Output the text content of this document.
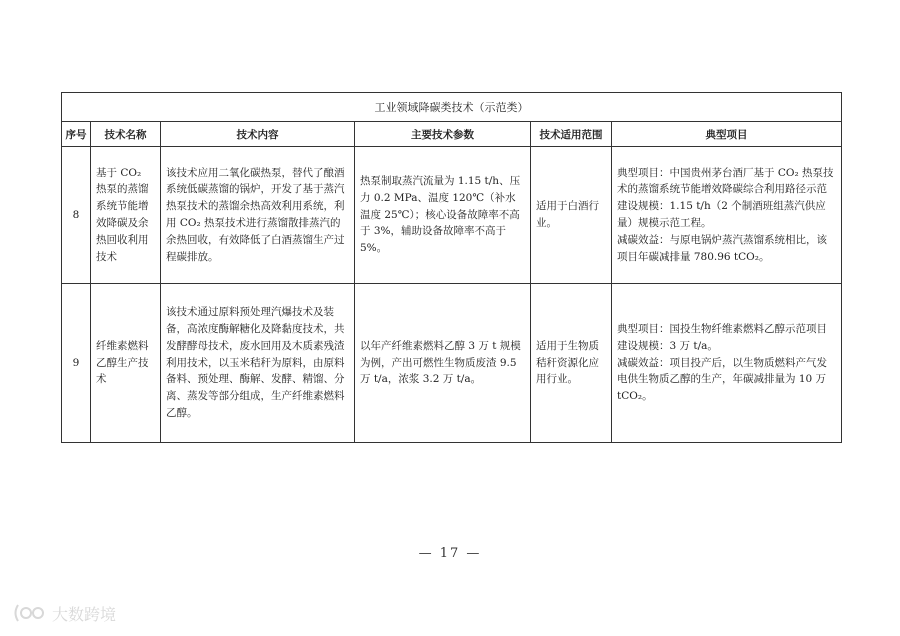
工业领域降碳类技术（示范类）					
序号	技术名称	技术内容	主要技术参数	技术适用范围	典型项目
8	基于 CO₂ 热泵的蒸馏系统节能增效降碳及余热回收利用技术	该技术应用二氧化碳热泵，替代了酿酒系统低碳蒸馏的锅炉，开发了基于蒸汽热泵技术的蒸馏余热高效利用系统，利用 CO₂ 热泵技术进行蒸馏散排蒸汽的余热回收，有效降低了白酒蒸馏生产过程碳排放。	热泵制取蒸汽流量为 1.15 t/h、压力 0.2 MPa、温度 120℃（补水温度 25℃）；核心设备故障率不高于 3%，辅助设备故障率不高于 5%。	适用于白酒行业。	典型项目：中国贵州茅台酒厂基于 CO₂ 热泵技术的蒸馏系统节能增效降碳综合利用路径示范
建设规模：1.15 t/h（2 个制酒班组蒸汽供应量）规模示范工程。
减碳效益：与原电锅炉蒸汽蒸馏系统相比，该项目年碳减排量 780.96 tCO₂。
9	纤维素燃料乙醇生产技术	该技术通过原料预处理汽爆技术及装备，高浓度酶解糖化及降黏度技术，共发酵酵母技术，废水回用及木质素残渣利用技术，以玉米秸秆为原料，由原料备料、预处理、酶解、发酵、精馏、分离、蒸发等部分组成，生产纤维素燃料乙醇。	以年产纤维素燃料乙醇 3 万 t 规模为例，产出可燃性生物质废渣 9.5 万 t/a，浓浆 3.2 万 t/a。	适用于生物质秸秆资源化应用行业。	典型项目：国投生物纤维素燃料乙醇示范项目
建设规模：3 万 t/a。
减碳效益：项目投产后，以生物质燃料产气发电供生物质乙醇的生产，年碳减排量为 10 万 tCO₂。
— 17 —
大数跨境
